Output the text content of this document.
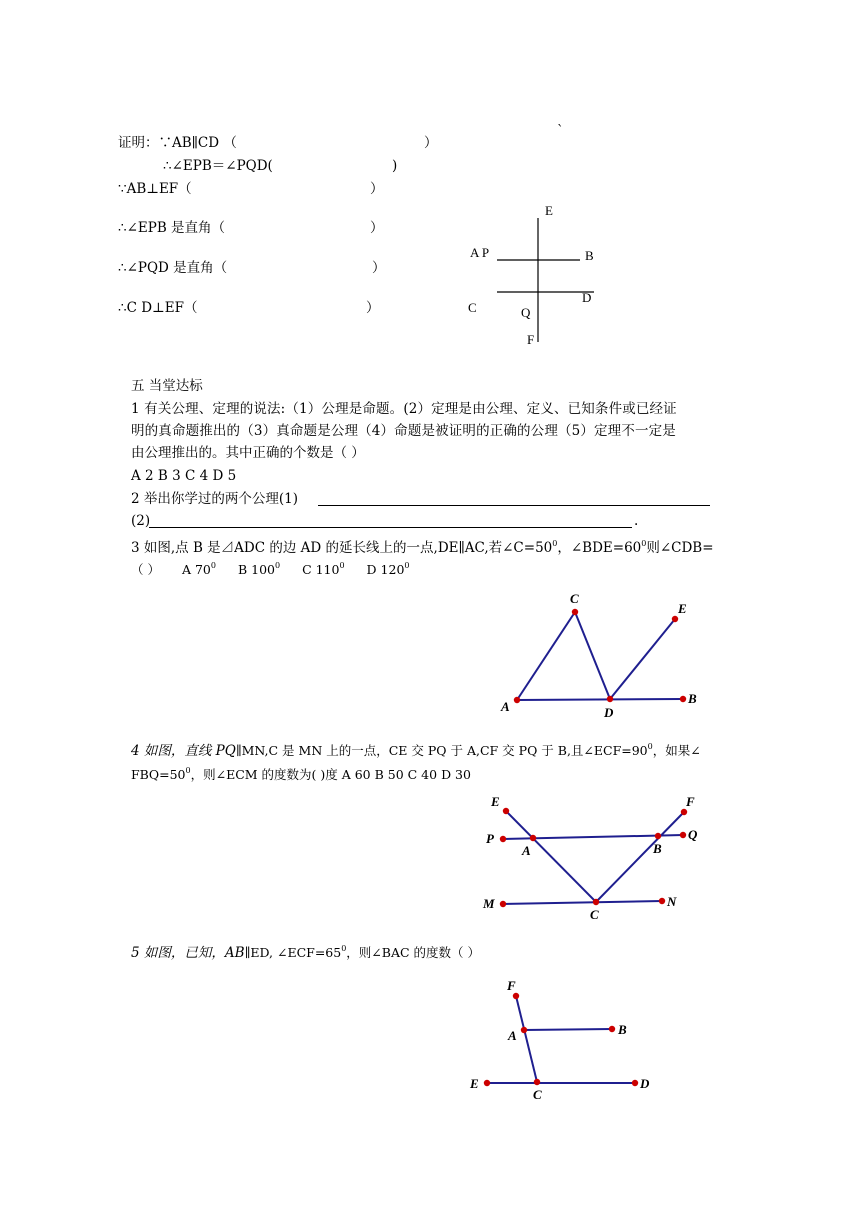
`
证明：∵AB∥CD （	）
∴∠EPB＝∠PQD(	)
∵AB⊥EF（	）
∴∠EPB 是直角（	）
∴∠PQD 是直角（	）
∴C D⊥EF（	）
E
A P	B
D
C	Q
F
五 当堂达标
1 有关公理、定理的说法:（1）公理是命题。(2）定理是由公理、定义、已知条件或已经证
明的真命题推出的（3）真命题是公理（4）命题是被证明的正确的公理（5）定理不一定是
由公理推出的。其中正确的个数是（ ）
A 2 B 3 C 4 D 5
2 举出你学过的两个公理(1)
(2)	.
3 如图,点 B 是⊿ADC 的边 AD 的延长线上的一点,DE∥AC,若$\angle C=50^0$，$\angle BDE=60^0$则∠CDB=
（ ） A $70^0$ B $100^0$ C $110^0$ D $120^0$
C
E
A	D
B
4 如图，直线 PQ∥MN,C 是 MN 上的一点，CE 交 PQ 于 A,CF 交 PQ 于 B,且$\angle ECF=90^0$，如果∠
$FBQ=50^0$，则∠ECM 的度数为( )度 A 60 B 50 C 40 D 30
E	F
P
A	B
Q
M
C
N
5 如图，已知，AB∥ED, $\angle ECF=65^0$，则∠BAC 的度数（ ）
F
A	B
E
C
D
